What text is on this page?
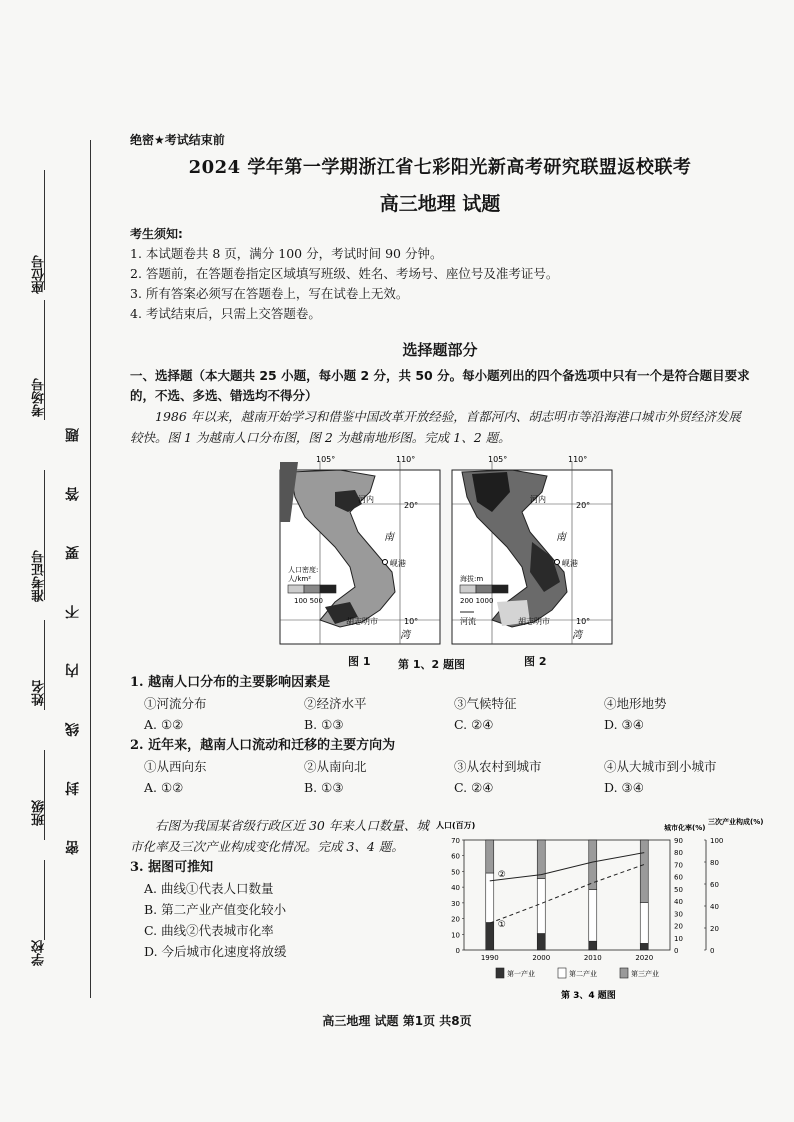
座位号
考场号
准考证号
姓名
班级
学校
密 封 线 内 不 要 答 题
绝密★考试结束前
2024 学年第一学期浙江省七彩阳光新高考研究联盟返校联考
高三地理 试题
考生须知:
1. 本试题卷共 8 页，满分 100 分，考试时间 90 分钟。
2. 答题前，在答题卷指定区域填写班级、姓名、考场号、座位号及准考证号。
3. 所有答案必须写在答题卷上，写在试卷上无效。
4. 考试结束后，只需上交答题卷。
选择题部分
一、选择题（本大题共 25 小题，每小题 2 分，共 50 分。每小题列出的四个备选项中只有一个是符合题目要求的，不选、多选、错选均不得分）
1986 年以来，越南开始学习和借鉴中国改革开放经验，首都河内、胡志明市等沿海港口城市外贸经济发展较快。图 1 为越南人口分布图，图 2 为越南地形图。完成 1、2 题。
105°	110°
20°
10°
河内
南
岘港
胡志明市
湾
人口密度:
人/km²
100 500
图 1
105°	110°
20°
10°
河内
南
岘港
胡志明市
湾
海拔:m
200 1000
河流
图 2
第 1、2 题图
1. 越南人口分布的主要影响因素是
①河流分布	②经济水平	③气候特征	④地形地势
A. ①②	B. ①③	C. ②④	D. ③④
2. 近年来，越南人口流动和迁移的主要方向为
①从西向东	②从南向北	③从农村到城市	④从大城市到小城市
A. ①②	B. ①③	C. ②④	D. ③④
右图为我国某省级行政区近 30 年来人口数量、城市化率及三次产业构成变化情况。完成 3、4 题。
3. 据图可推知
A. 曲线①代表人口数量
B. 第二产业产值变化较小
C. 曲线②代表城市化率
D. 今后城市化速度将放缓
人口(百万)	城市化率(%)
三次产业构成(%)
0
10
20
30
40
50
60
70
0
10
20
30
40
50
60
70
80
90
0
20
40
60
80
100
1990	2000	2010	2020
①
②
第一产业	第二产业	第三产业
第 3、4 题图
高三地理 试题 第1页 共8页
